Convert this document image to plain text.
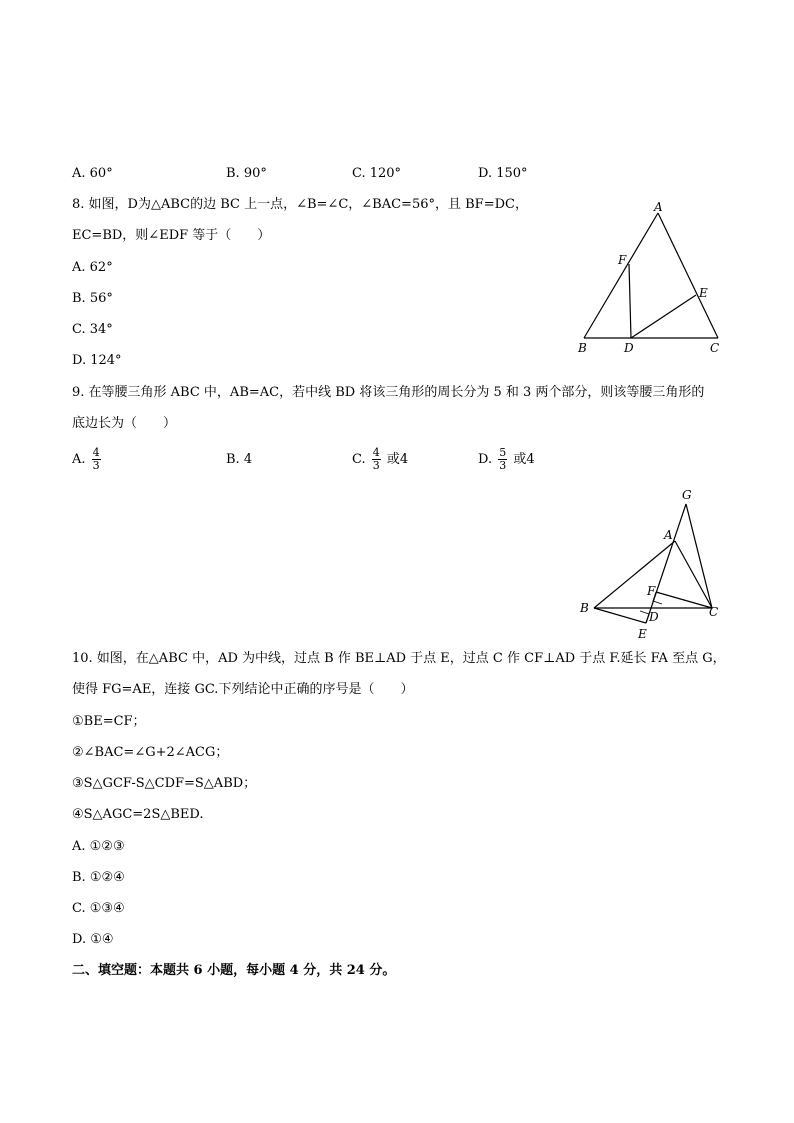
A. 60°	B. 90°	C. 120°	D. 150°
8. 如图，D为△ABC的边 BC 上一点，∠B=∠C，∠BAC=56°，且 BF=DC，
EC=BD，则∠EDF 等于（　　）
A. 62°
B. 56°
C. 34°
D. 124°
A
B	C
D
E
F
9. 在等腰三角形 ABC 中，AB=AC，若中线 BD 将该三角形的周长分为 5 和 3 两个部分，则该等腰三角形的
底边长为（　　）
A. $\frac{4}{3}$	B. 4	C. $\frac{4}{3}$ 或4	D. $\frac{5}{3}$ 或4
G
A
F
D
B	C
E
10. 如图，在△ABC 中，AD 为中线，过点 B 作 BE⊥AD 于点 E，过点 C 作 CF⊥AD 于点 F.延长 FA 至点 G，
使得 FG=AE，连接 GC.下列结论中正确的序号是（　　）
①BE=CF；
②∠BAC=∠G+2∠ACG；
③S△GCF-S△CDF=S△ABD；
④S△AGC=2S△BED.
A. ①②③
B. ①②④
C. ①③④
D. ①④
二、填空题：本题共 6 小题，每小题 4 分，共 24 分。
